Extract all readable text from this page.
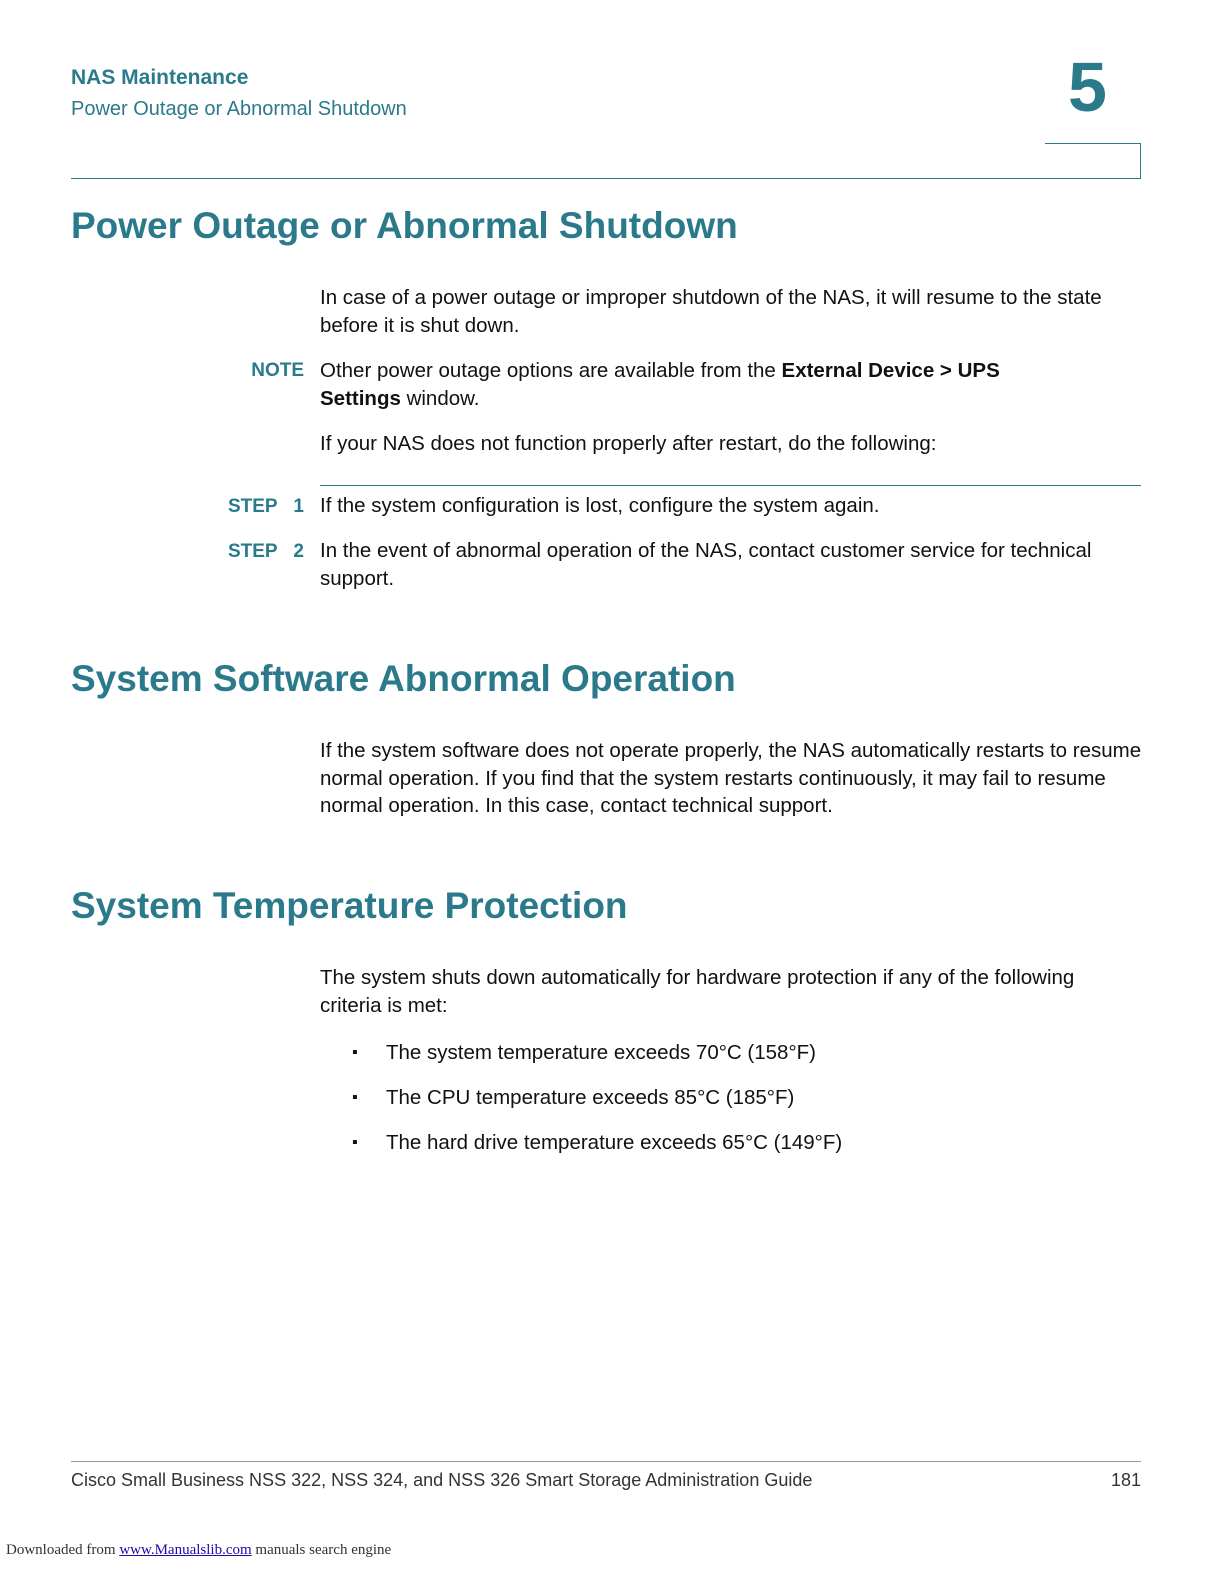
NAS Maintenance
Power Outage or Abnormal Shutdown	5
Power Outage or Abnormal Shutdown
In case of a power outage or improper shutdown of the NAS, it will resume to the state before it is shut down.
NOTE Other power outage options are available from the External Device > UPS Settings window.
If your NAS does not function properly after restart, do the following:
STEP 1 If the system configuration is lost, configure the system again.
STEP 2 In the event of abnormal operation of the NAS, contact customer service for technical support.
System Software Abnormal Operation
If the system software does not operate properly, the NAS automatically restarts to resume normal operation. If you find that the system restarts continuously, it may fail to resume normal operation. In this case, contact technical support.
System Temperature Protection
The system shuts down automatically for hardware protection if any of the following criteria is met:
▪ The system temperature exceeds 70°C (158°F)
▪ The CPU temperature exceeds 85°C (185°F)
▪ The hard drive temperature exceeds 65°C (149°F)
Cisco Small Business NSS 322, NSS 324, and NSS 326 Smart Storage Administration Guide	181
Downloaded from www.Manualslib.com manuals search engine
